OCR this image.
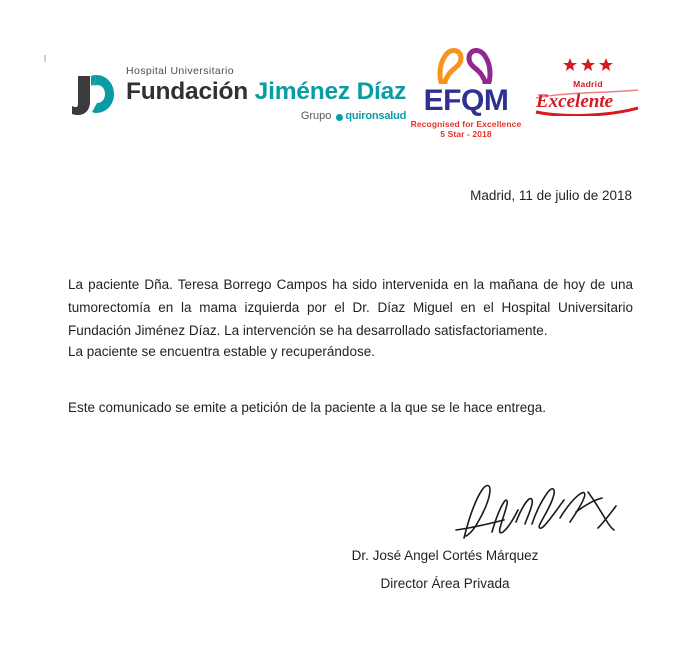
Hospital Universitario
Fundación Jiménez Díaz
Grupo quironsalud EFQM
Recognised for Excellence
5 Star - 2018
Madrid
Excelente
Madrid, 11 de julio de 2018
La paciente Dña. Teresa Borrego Campos ha sido intervenida en la mañana de hoy de una tumorectomía en la mama izquierda por el Dr. Díaz Miguel en el Hospital Universitario Fundación Jiménez Díaz. La intervención se ha desarrollado satisfactoriamente.
La paciente se encuentra estable y recuperándose.
Este comunicado se emite a petición de la paciente a la que se le hace entrega.
Dr. José Angel Cortés Márquez
Director Área Privada
